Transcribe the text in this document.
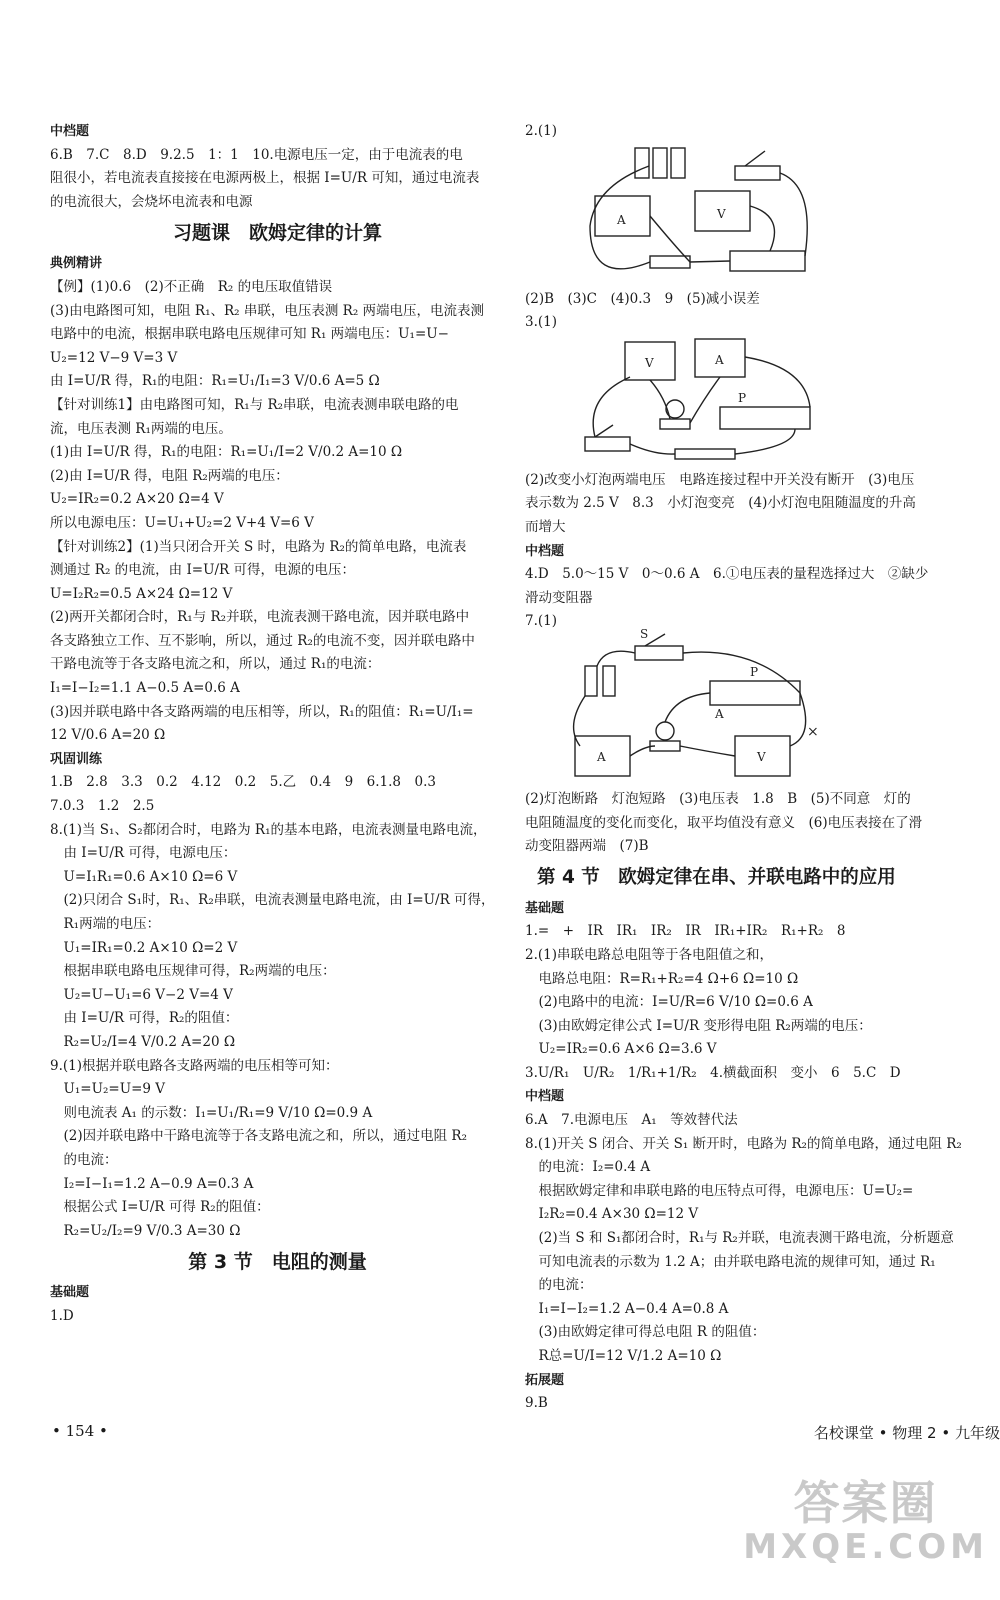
中档题
6.B　7.C　8.D　9.2.5　1：1　10.电源电压一定，由于电流表的电
阻很小，若电流表直接接在电源两极上，根据 I=U/R 可知，通过电流表
的电流很大，会烧坏电流表和电源
习题课　欧姆定律的计算
典例精讲
【例】(1)0.6　(2)不正确　R₂ 的电压取值错误
(3)由电路图可知，电阻 R₁、R₂ 串联，电压表测 R₂ 两端电压，电流表测
电路中的电流，根据串联电路电压规律可知 R₁ 两端电压：U₁=U−
U₂=12 V−9 V=3 V
由 I=U/R 得，R₁的电阻：R₁=U₁/I₁=3 V/0.6 A=5 Ω
【针对训练1】由电路图可知，R₁与 R₂串联，电流表测串联电路的电
流，电压表测 R₁两端的电压。
(1)由 I=U/R 得，R₁的电阻：R₁=U₁/I=2 V/0.2 A=10 Ω
(2)由 I=U/R 得，电阻 R₂两端的电压：
U₂=IR₂=0.2 A×20 Ω=4 V
所以电源电压：U=U₁+U₂=2 V+4 V=6 V
【针对训练2】(1)当只闭合开关 S 时，电路为 R₂的简单电路，电流表
测通过 R₂ 的电流，由 I=U/R 可得，电源的电压：
U=I₂R₂=0.5 A×24 Ω=12 V
(2)两开关都闭合时，R₁与 R₂并联，电流表测干路电流，因并联电路中
各支路独立工作、互不影响，所以，通过 R₂的电流不变，因并联电路中
干路电流等于各支路电流之和，所以，通过 R₁的电流：
I₁=I−I₂=1.1 A−0.5 A=0.6 A
(3)因并联电路中各支路两端的电压相等，所以，R₁的阻值：R₁=U/I₁=
12 V/0.6 A=20 Ω
巩固训练
1.B　2.8　3.3　0.2　4.12　0.2　5.乙　0.4　9　6.1.8　0.3
7.0.3　1.2　2.5
8.(1)当 S₁、S₂都闭合时，电路为 R₁的基本电路，电流表测量电路电流，
　由 I=U/R 可得，电源电压：
　U=I₁R₁=0.6 A×10 Ω=6 V
　(2)只闭合 S₁时，R₁、R₂串联，电流表测量电路电流，由 I=U/R 可得，
　R₁两端的电压：
　U₁=IR₁=0.2 A×10 Ω=2 V
　根据串联电路电压规律可得，R₂两端的电压：
　U₂=U−U₁=6 V−2 V=4 V
　由 I=U/R 可得，R₂的阻值：
　R₂=U₂/I=4 V/0.2 A=20 Ω
9.(1)根据并联电路各支路两端的电压相等可知：
　U₁=U₂=U=9 V
　则电流表 A₁ 的示数：I₁=U₁/R₁=9 V/10 Ω=0.9 A
　(2)因并联电路中干路电流等于各支路电流之和，所以，通过电阻 R₂
　的电流：
　I₂=I−I₁=1.2 A−0.9 A=0.3 A
　根据公式 I=U/R 可得 R₂的阻值：
　R₂=U₂/I₂=9 V/0.3 A=30 Ω
第 3 节　电阻的测量
基础题
1.D
2.(1)
A	V
(2)B　(3)C　(4)0.3　9　(5)减小误差
3.(1)
V	A
P
(2)改变小灯泡两端电压　电路连接过程中开关没有断开　(3)电压
表示数为 2.5 V　8.3　小灯泡变亮　(4)小灯泡电阻随温度的升高
而增大
中档题
4.D　5.0～15 V　0～0.6 A　6.①电压表的量程选择过大　②缺少
滑动变阻器
7.(1)
S
P
A
A	V
×
(2)灯泡断路　灯泡短路　(3)电压表　1.8　B　(5)不同意　灯的
电阻随温度的变化而变化，取平均值没有意义　(6)电压表接在了滑
动变阻器两端　(7)B
第 4 节　欧姆定律在串、并联电路中的应用
基础题
1.=　+　IR　IR₁　IR₂　IR　IR₁+IR₂　R₁+R₂　8
2.(1)串联电路总电阻等于各电阻值之和，
　电路总电阻：R=R₁+R₂=4 Ω+6 Ω=10 Ω
　(2)电路中的电流：I=U/R=6 V/10 Ω=0.6 A
　(3)由欧姆定律公式 I=U/R 变形得电阻 R₂两端的电压：
　U₂=IR₂=0.6 A×6 Ω=3.6 V
3.U/R₁　U/R₂　1/R₁+1/R₂　4.横截面积　变小　6　5.C　D
中档题
6.A　7.电源电压　A₁　等效替代法
8.(1)开关 S 闭合、开关 S₁ 断开时，电路为 R₂的简单电路，通过电阻 R₂
　的电流：I₂=0.4 A
　根据欧姆定律和串联电路的电压特点可得，电源电压：U=U₂=
　I₂R₂=0.4 A×30 Ω=12 V
　(2)当 S 和 S₁都闭合时，R₁与 R₂并联，电流表测干路电流，分析题意
　可知电流表的示数为 1.2 A；由并联电路电流的规律可知，通过 R₁
　的电流：
　I₁=I−I₂=1.2 A−0.4 A=0.8 A
　(3)由欧姆定律可得总电阻 R 的阻值：
　R总=U/I=12 V/1.2 A=10 Ω
拓展题
9.B
• 154 •	名校课堂 • 物理 2 • 九年级
答案圈
MXQE.COM
